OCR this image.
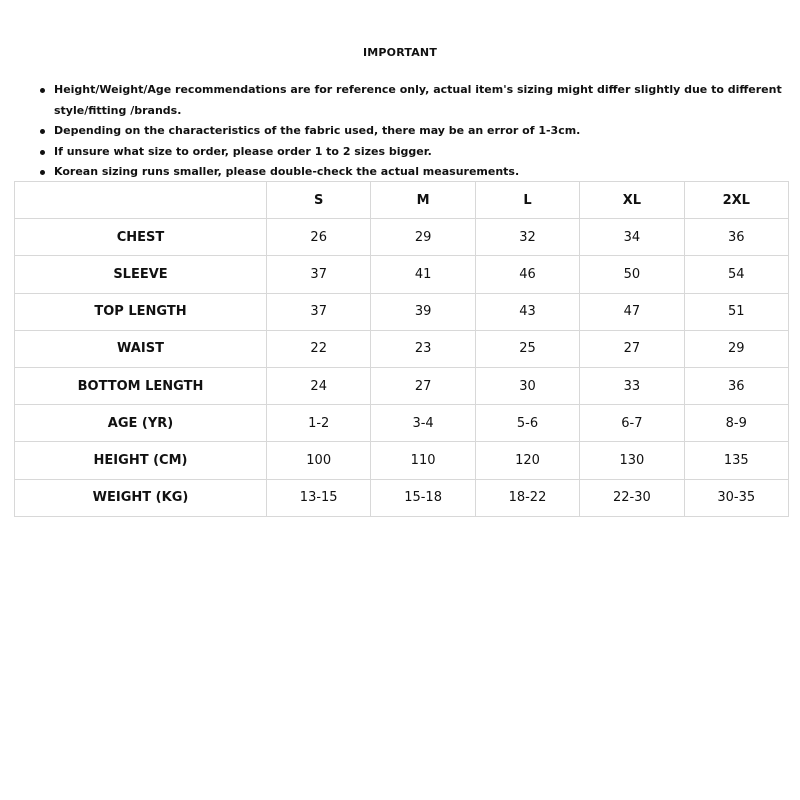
IMPORTANT
Height/Weight/Age recommendations are for reference only, actual item's sizing might differ slightly due to different style/fitting /brands.
Depending on the characteristics of the fabric used, there may be an error of 1-3cm.
If unsure what size to order, please order 1 to 2 sizes bigger.
Korean sizing runs smaller, please double-check the actual measurements.
	S	M	L	XL	2XL
CHEST	26	29	32	34	36
SLEEVE	37	41	46	50	54
TOP LENGTH	37	39	43	47	51
WAIST	22	23	25	27	29
BOTTOM LENGTH	24	27	30	33	36
AGE (YR)	1-2	3-4	5-6	6-7	8-9
HEIGHT (CM)	100	110	120	130	135
WEIGHT (KG)	13-15	15-18	18-22	22-30	30-35
